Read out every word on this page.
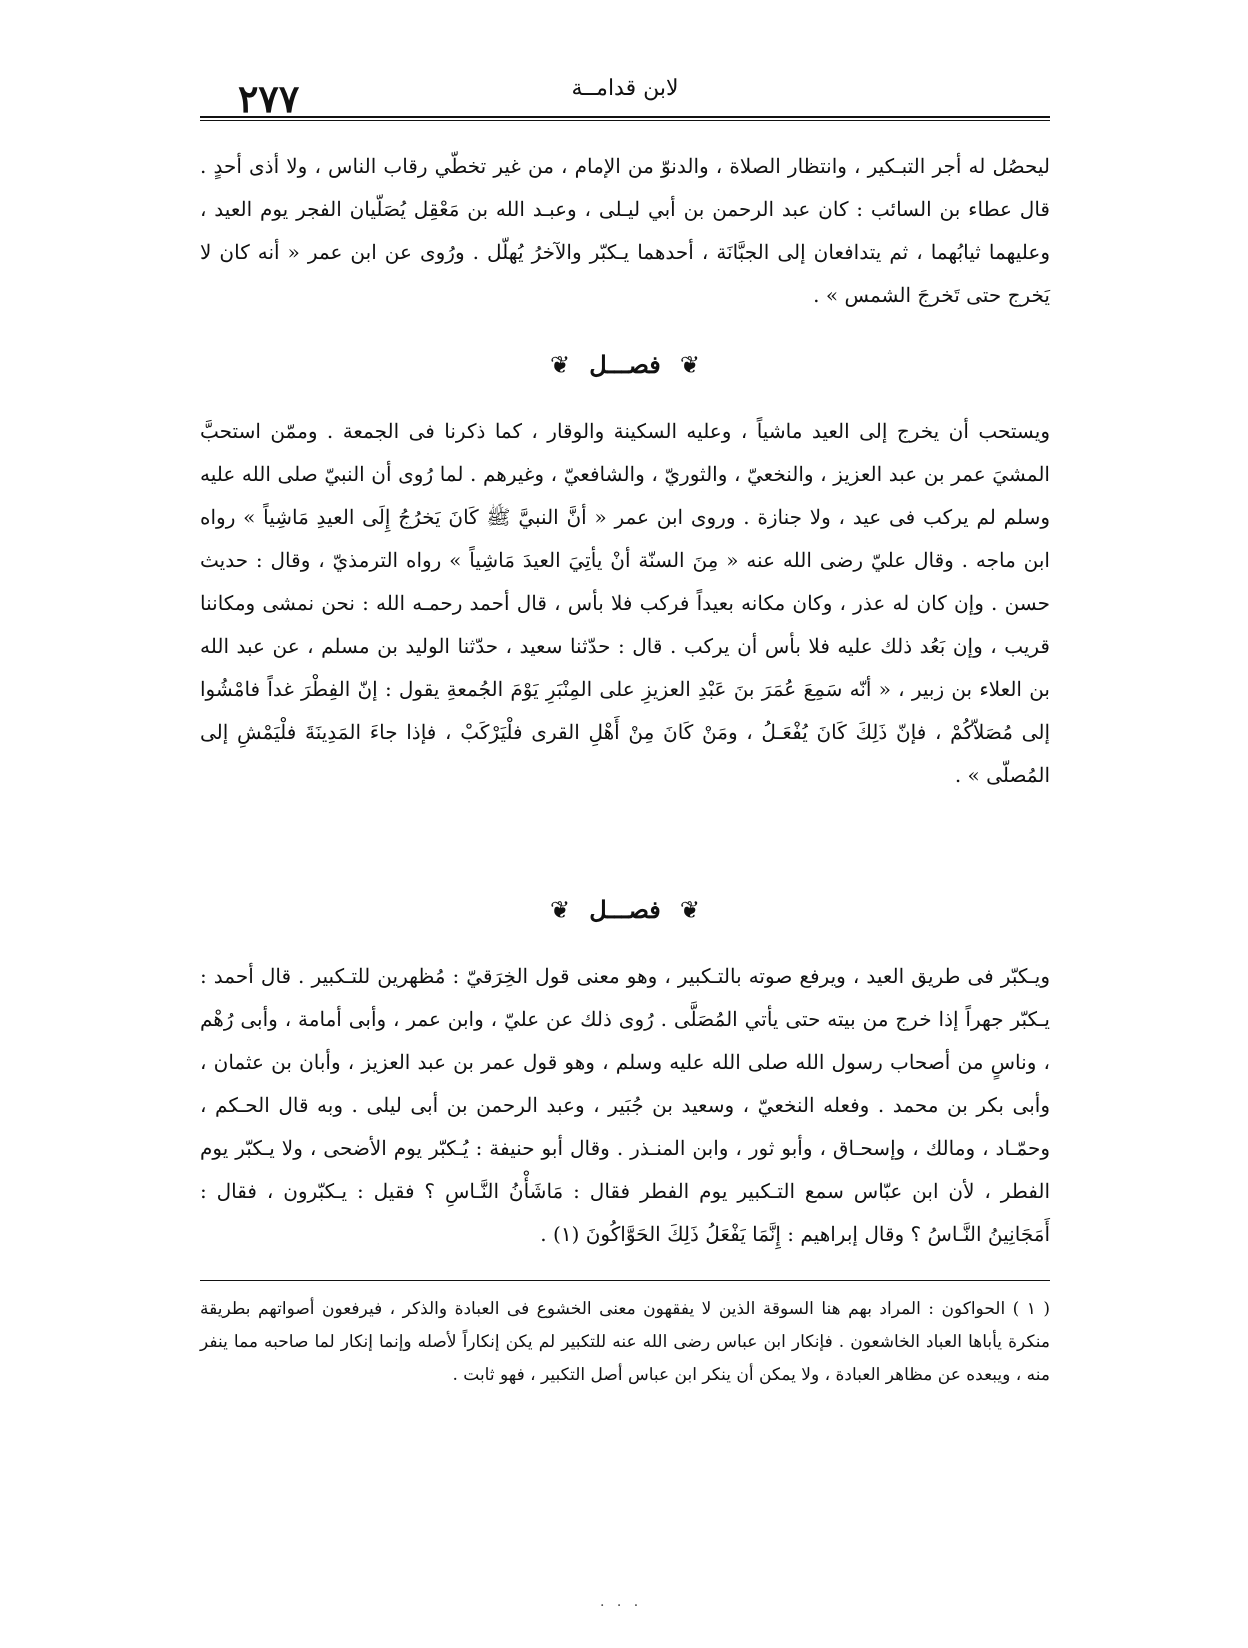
٢٧٧	لابن قدامــة

ليحصُل له أجر التبـكير ، وانتظار الصلاة ، والدنوّ من الإمام ، من غير تخطّي رقاب الناس ، ولا أذى أحدٍ . قال عطاء بن السائب : كان عبد الرحمن بن أبي ليـلى ، وعبـد الله بن مَعْقِل يُصَلّيان الفجر يوم العيد ، وعليهما ثيابُهما ، ثم يتدافعان إلى الجبَّانَة ، أحدهما يـكبّر والآخرُ يُهلّل . ورُوى عن ابن عمر « أنه كان لا يَخرج حتى تَخرجَ الشمس » .

❦ فصـــل ❦

ويستحب أن يخرج إلى العيد ماشياً ، وعليه السكينة والوقار ، كما ذكرنا فى الجمعة . وممّن استحبَّ المشيَ عمر بن عبد العزيز ، والنخعيّ ، والثوريّ ، والشافعيّ ، وغيرهم . لما رُوى أن النبيّ صلى الله عليه وسلم لم يركب فى عيد ، ولا جنازة . وروى ابن عمر « أنَّ النبيَّ ﷺ كَانَ يَخرُجُ إِلَى العيدِ مَاشِياً » رواه ابن ماجه . وقال عليّ رضى الله عنه « مِنَ السنّة أنْ يأتِيَ العيدَ مَاشِياً » رواه الترمذيّ ، وقال : حديث حسن . وإن كان له عذر ، وكان مكانه بعيداً فركب فلا بأس ، قال أحمد رحمـه الله : نحن نمشى ومكاننا قريب ، وإن بَعُد ذلك عليه فلا بأس أن يركب . قال : حدّثنا سعيد ، حدّثنا الوليد بن مسلم ، عن عبد الله بن العلاء بن زبير ، « أنّه سَمِعَ عُمَرَ بنَ عَبْدِ العزيزِ على المِنْبَرِ يَوْمَ الجُمعةِ يقول : إنّ الفِطْرَ غداً فامْشُوا إلى مُصَلاّكُمْ ، فإنّ ذَلِكَ كَانَ يُفْعَـلُ ، ومَنْ كَانَ مِنْ أَهْلِ القرى فلْيَرْكَبْ ، فإذا جاءَ المَدِينَةَ فلْيَمْشِ إلى المُصلّى » .

❦ فصـــل ❦

ويـكبّر فى طريق العيد ، ويرفع صوته بالتـكبير ، وهو معنى قول الخِرَقيّ : مُظهرين للتـكبير . قال أحمد : يـكبّر جهراً إذا خرج من بيته حتى يأتي المُصَلَّى . رُوى ذلك عن عليّ ، وابن عمر ، وأبى أمامة ، وأبى رُهْم ، وناسٍ من أصحاب رسول الله صلى الله عليه وسلم ، وهو قول عمر بن عبد العزيز ، وأبان بن عثمان ، وأبى بكر بن محمد . وفعله النخعيّ ، وسعيد بن جُبَير ، وعبد الرحمن بن أبى ليلى . وبه قال الحـكم ، وحمّـاد ، ومالك ، وإسحـاق ، وأبو ثور ، وابن المنـذر . وقال أبو حنيفة : يُـكبّر يوم الأضحى ، ولا يـكبّر يوم الفطر ، لأن ابن عبّاس سمع التـكبير يوم الفطر فقال : مَاشَأْنُ النَّـاسِ ؟ فقيل : يـكبّرون ، فقال : أَمَجَانِينُ النَّـاسُ ؟ وقال إبراهيم : إِنَّمَا يَفْعَلُ ذَلِكَ الحَوَّاكُونَ (١) .

( ١ ) الحواكون : المراد بهم هنا السوقة الذين لا يفقهون معنى الخشوع فى العبادة والذكر ، فيرفعون أصواتهم بطريقة منكرة يأباها العباد الخاشعون . فإنكار ابن عباس رضى الله عنه للتكبير لم يكن إنكاراً لأصله وإنما إنكار لما صاحبه مما ينفر منه ، ويبعده عن مظاهر العبادة ، ولا يمكن أن ينكر ابن عباس أصل التكبير ، فهو ثابت .

· · ·
